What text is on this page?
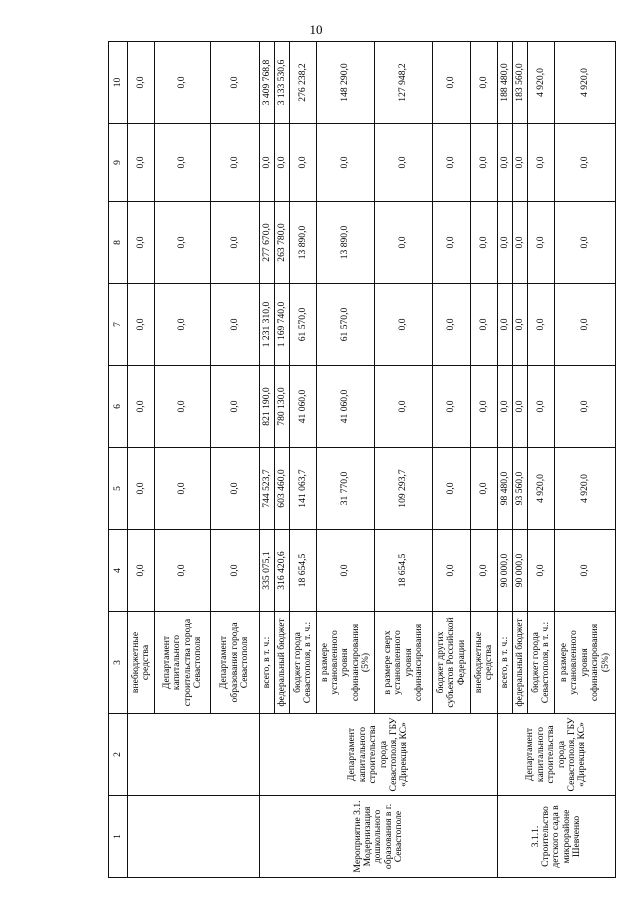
10
1	2	3	4	5	6	7	8	9	10
		внебюджетные средства	0,0	0,0	0,0	0,0	0,0	0,0	0,0
		Департамент капитального строительства города Севастополя	0,0	0,0	0,0	0,0	0,0	0,0	0,0
		Департамент образования города Севастополя	0,0	0,0	0,0	0,0	0,0	0,0	0,0
Мероприятие 3.1. Модернизация дошкольного образования в г. Севастополе	Департамент капитального строительства города Севастополя, ГБУ «Дирекция КС»	всего, в т. ч.:	335 075,1	744 523,7	821 190,0	1 231 310,0	277 670,0	0,0	3 409 768,8
		федеральный бюджет	316 420,6	603 460,0	780 130,0	1 169 740,0	263 780,0	0,0	3 133 530,6
		бюджет города Севастополя, в т. ч.:	18 654,5	141 063,7	41 060,0	61 570,0	13 890,0	0,0	276 238,2
		в размере установленного уровня софинансирования (5%)	0,0	31 770,0	41 060,0	61 570,0	13 890,0	0,0	148 290,0
		в размере сверх установленного уровня софинансирования	18 654,5	109 293,7	0,0	0,0	0,0	0,0	127 948,2
		бюджет других субъектов Российской Федерации	0,0	0,0	0,0	0,0	0,0	0,0	0,0
		внебюджетные средства	0,0	0,0	0,0	0,0	0,0	0,0	0,0
3.1.1. Строительство детского сада в микрорайоне Шевченко	Департамент капитального строительства города Севастополя, ГБУ «Дирекция КС»	всего, в т. ч.:	90 000,0	98 480,0	0,0	0,0	0,0	0,0	188 480,0
		федеральный бюджет	90 000,0	93 560,0	0,0	0,0	0,0	0,0	183 560,0
		бюджет города Севастополя, в т. ч.:	0,0	4 920,0	0,0	0,0	0,0	0,0	4 920,0
		в размере установленного уровня софинансирования (5%)	0,0	4 920,0	0,0	0,0	0,0	0,0	4 920,0
